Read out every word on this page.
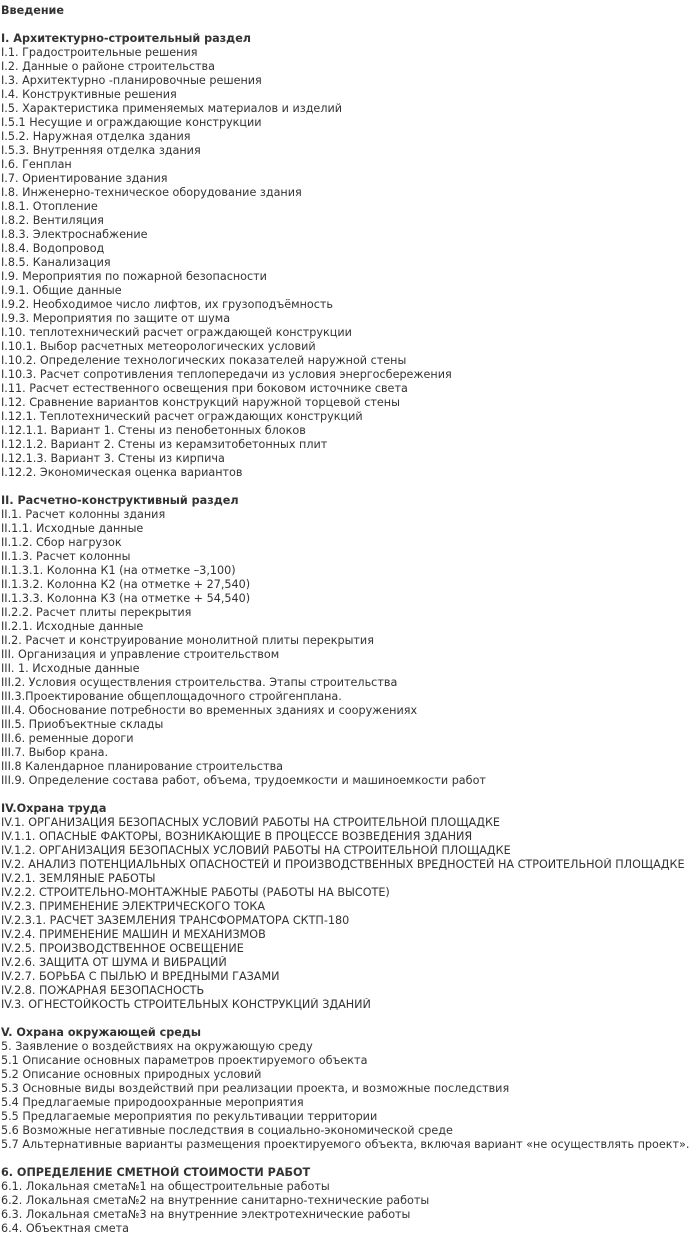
Введение
I. Архитектурно-строительный раздел
I.1. Градостроительные решения
I.2. Данные о районе строительства
I.3. Архитектурно -планировочные решения
I.4. Конструктивные решения
I.5. Характеристика применяемых материалов и изделий
I.5.1 Несущие и ограждающие конструкции
I.5.2. Наружная отделка здания
I.5.3. Внутренняя отделка здания
I.6. Генплан
I.7. Ориентирование здания
I.8. Инженерно-техническое оборудование здания
I.8.1. Отопление
I.8.2. Вентиляция
I.8.3. Электроснабжение
I.8.4. Водопровод
I.8.5. Канализация
I.9. Мероприятия по пожарной безопасности
I.9.1. Общие данные
I.9.2. Необходимое число лифтов, их грузоподъёмность
I.9.3. Мероприятия по защите от шума
I.10. теплотехнический расчет ограждающей конструкции
I.10.1. Выбор расчетных метеорологических условий
I.10.2. Определение технологических показателей наружной стены
I.10.3. Расчет сопротивления теплопередачи из условия энергосбережения
I.11. Расчет естественного освещения при боковом источнике света
I.12. Сравнение вариантов конструкций наружной торцевой стены
I.12.1. Теплотехнический расчет ограждающих конструкций
I.12.1.1. Вариант 1. Стены из пенобетонных блоков
I.12.1.2. Вариант 2. Стены из керамзитобетонных плит
I.12.1.3. Вариант 3. Стены из кирпича
I.12.2. Экономическая оценка вариантов
II. Расчетно-конструктивный раздел
II.1. Расчет колонны здания
II.1.1. Исходные данные
II.1.2. Сбор нагрузок
II.1.3. Расчет колонны
II.1.3.1. Колонна К1 (на отметке –3,100)
II.1.3.2. Колонна К2 (на отметке + 27,540)
II.1.3.3. Колонна К3 (на отметке + 54,540)
II.2.2. Расчет плиты перекрытия
II.2.1. Исходные данные
II.2. Расчет и конструирование монолитной плиты перекрытия
III. Организация и управление строительством
III. 1. Исходные данные
III.2. Условия осуществления строительства. Этапы строительства
III.3.Проектирование общеплощадочного стройгенплана.
III.4. Обоснование потребности во временных зданиях и сооружениях
III.5. Приобъектные склады
III.6. ременные дороги
III.7. Выбор крана.
III.8 Календарное планирование строительства
III.9. Определение состава работ, объема, трудоемкости и машиноемкости работ
IV.Охрана труда
IV.1. ОРГАНИЗАЦИЯ БЕЗОПАСНЫХ УСЛОВИЙ РАБОТЫ НА СТРОИТЕЛЬНОЙ ПЛОЩАДКЕ
IV.1.1. ОПАСНЫЕ ФАКТОРЫ, ВОЗНИКАЮЩИЕ В ПРОЦЕССЕ ВОЗВЕДЕНИЯ ЗДАНИЯ
IV.1.2. ОРГАНИЗАЦИЯ БЕЗОПАСНЫХ УСЛОВИЙ РАБОТЫ НА СТРОИТЕЛЬНОЙ ПЛОЩАДКЕ
IV.2. АНАЛИЗ ПОТЕНЦИАЛЬНЫХ ОПАСНОСТЕЙ И ПРОИЗВОДСТВЕННЫХ ВРЕДНОСТЕЙ НА СТРОИТЕЛЬНОЙ ПЛОЩАДКЕ
IV.2.1. ЗЕМЛЯНЫЕ РАБОТЫ
IV.2.2. СТРОИТЕЛЬНО-МОНТАЖНЫЕ РАБОТЫ (РАБОТЫ НА ВЫСОТЕ)
IV.2.3. ПРИМЕНЕНИЕ ЭЛЕКТРИЧЕСКОГО ТОКА
IV.2.3.1. РАСЧЕТ ЗАЗЕМЛЕНИЯ ТРАНСФОРМАТОРА СКТП-180
IV.2.4. ПРИМЕНЕНИЕ МАШИН И МЕХАНИЗМОВ
IV.2.5. ПРОИЗВОДСТВЕННОЕ ОСВЕЩЕНИЕ
IV.2.6. ЗАЩИТА ОТ ШУМА И ВИБРАЦИЙ
IV.2.7. БОРЬБА С ПЫЛЬЮ И ВРЕДНЫМИ ГАЗАМИ
IV.2.8. ПОЖАРНАЯ БЕЗОПАСНОСТЬ
IV.3. ОГНЕСТОЙКОСТЬ СТРОИТЕЛЬНЫХ КОНСТРУКЦИЙ ЗДАНИЙ
V. Охрана окружающей среды
5. Заявление о воздействиях на окружающую среду
5.1 Описание основных параметров проектируемого объекта
5.2 Описание основных природных условий
5.3 Основные виды воздействий при реализации проекта, и возможные последствия
5.4 Предлагаемые природоохранные мероприятия
5.5 Предлагаемые мероприятия по рекультивации территории
5.6 Возможные негативные последствия в социально-экономической среде
5.7 Альтернативные варианты размещения проектируемого объекта, включая вариант «не осуществлять проект».
6. ОПРЕДЕЛЕНИЕ СМЕТНОЙ СТОИМОСТИ РАБОТ
6.1. Локальная смета№1 на общестроительные работы
6.2. Локальная смета№2 на внутренние санитарно-технические работы
6.3. Локальная смета№3 на внутренние электротехнические работы
6.4. Объектная смета
